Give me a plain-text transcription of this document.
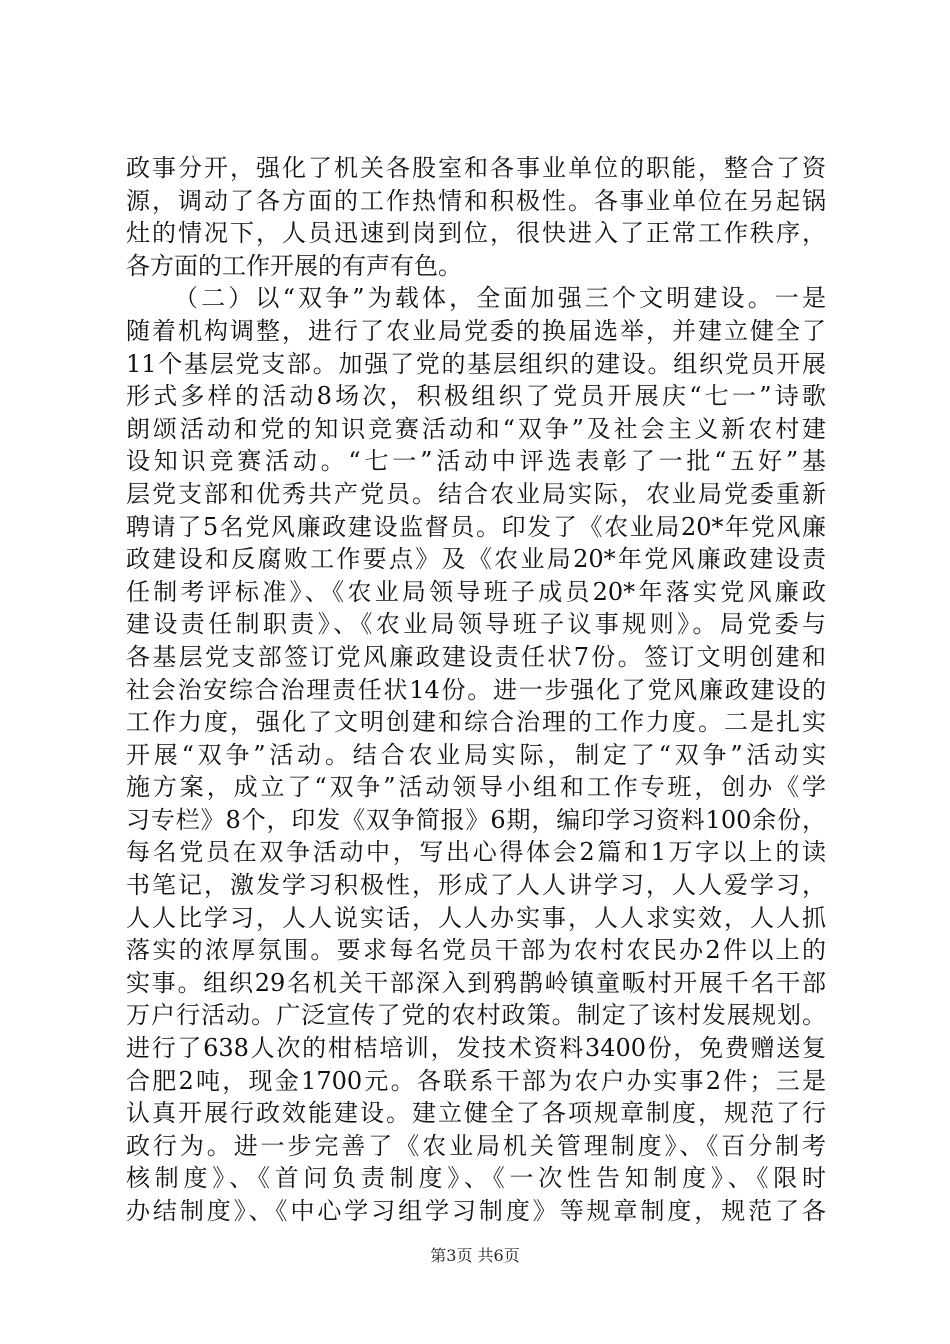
政事分开，强化了机关各股室和各事业单位的职能，整合了资
源，调动了各方面的工作热情和积极性。各事业单位在另起锅
灶的情况下，人员迅速到岗到位，很快进入了正常工作秩序，
各方面的工作开展的有声有色。
（二）以“双争”为载体，全面加强三个文明建设。一是
随着机构调整，进行了农业局党委的换届选举，并建立健全了
11个基层党支部。加强了党的基层组织的建设。组织党员开展
形式多样的活动8场次，积极组织了党员开展庆“七一”诗歌
朗颂活动和党的知识竞赛活动和“双争”及社会主义新农村建
设知识竞赛活动。“七一”活动中评选表彰了一批“五好”基
层党支部和优秀共产党员。结合农业局实际，农业局党委重新
聘请了5名党风廉政建设监督员。印发了《农业局20*年党风廉
政建设和反腐败工作要点》及《农业局20*年党风廉政建设责
任制考评标准》、《农业局领导班子成员20*年落实党风廉政
建设责任制职责》、《农业局领导班子议事规则》。局党委与
各基层党支部签订党风廉政建设责任状7份。签订文明创建和
社会治安综合治理责任状14份。进一步强化了党风廉政建设的
工作力度，强化了文明创建和综合治理的工作力度。二是扎实
开展“双争”活动。结合农业局实际，制定了“双争”活动实
施方案，成立了“双争”活动领导小组和工作专班，创办《学
习专栏》8个，印发《双争简报》6期，编印学习资料100余份，
每名党员在双争活动中，写出心得体会2篇和1万字以上的读
书笔记，激发学习积极性，形成了人人讲学习，人人爱学习，
人人比学习，人人说实话，人人办实事，人人求实效，人人抓
落实的浓厚氛围。要求每名党员干部为农村农民办2件以上的
实事。组织29名机关干部深入到鸦鹊岭镇童畈村开展千名干部
万户行活动。广泛宣传了党的农村政策。制定了该村发展规划。
进行了638人次的柑桔培训，发技术资料3400份，免费赠送复
合肥2吨，现金1700元。各联系干部为农户办实事2件；三是
认真开展行政效能建设。建立健全了各项规章制度，规范了行
政行为。进一步完善了《农业局机关管理制度》、《百分制考
核制度》、《首问负责制度》、《一次性告知制度》、《限时
办结制度》、《中心学习组学习制度》等规章制度，规范了各
第3页 共6页
